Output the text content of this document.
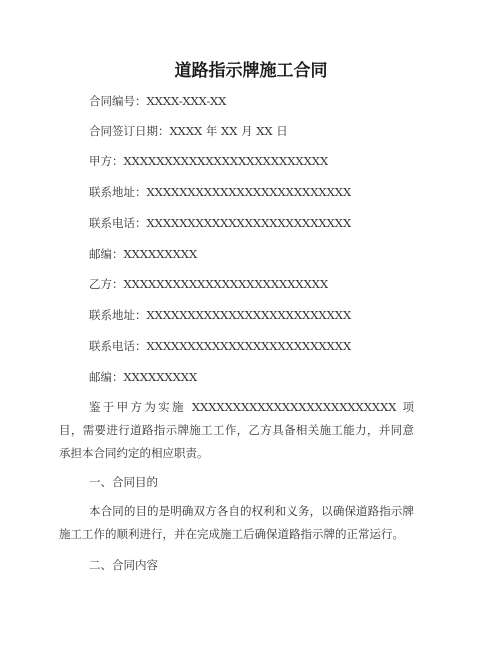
道路指示牌施工合同

合同编号：XXXX-XXX-XX

合同签订日期：XXXX 年 XX 月 XX 日

甲方：XXXXXXXXXXXXXXXXXXXXXXXXX

联系地址：XXXXXXXXXXXXXXXXXXXXXXXXX

联系电话：XXXXXXXXXXXXXXXXXXXXXXXXX

邮编：XXXXXXXXX

乙方：XXXXXXXXXXXXXXXXXXXXXXXXX

联系地址：XXXXXXXXXXXXXXXXXXXXXXXXX

联系电话：XXXXXXXXXXXXXXXXXXXXXXXXX

邮编：XXXXXXXXX

鉴于甲方为实施 XXXXXXXXXXXXXXXXXXXXXXXXX 项目，需要进行道路指示牌施工工作，乙方具备相关施工能力，并同意承担本合同约定的相应职责。

一、合同目的

本合同的目的是明确双方各自的权利和义务，以确保道路指示牌施工工作的顺利进行，并在完成施工后确保道路指示牌的正常运行。

二、合同内容
